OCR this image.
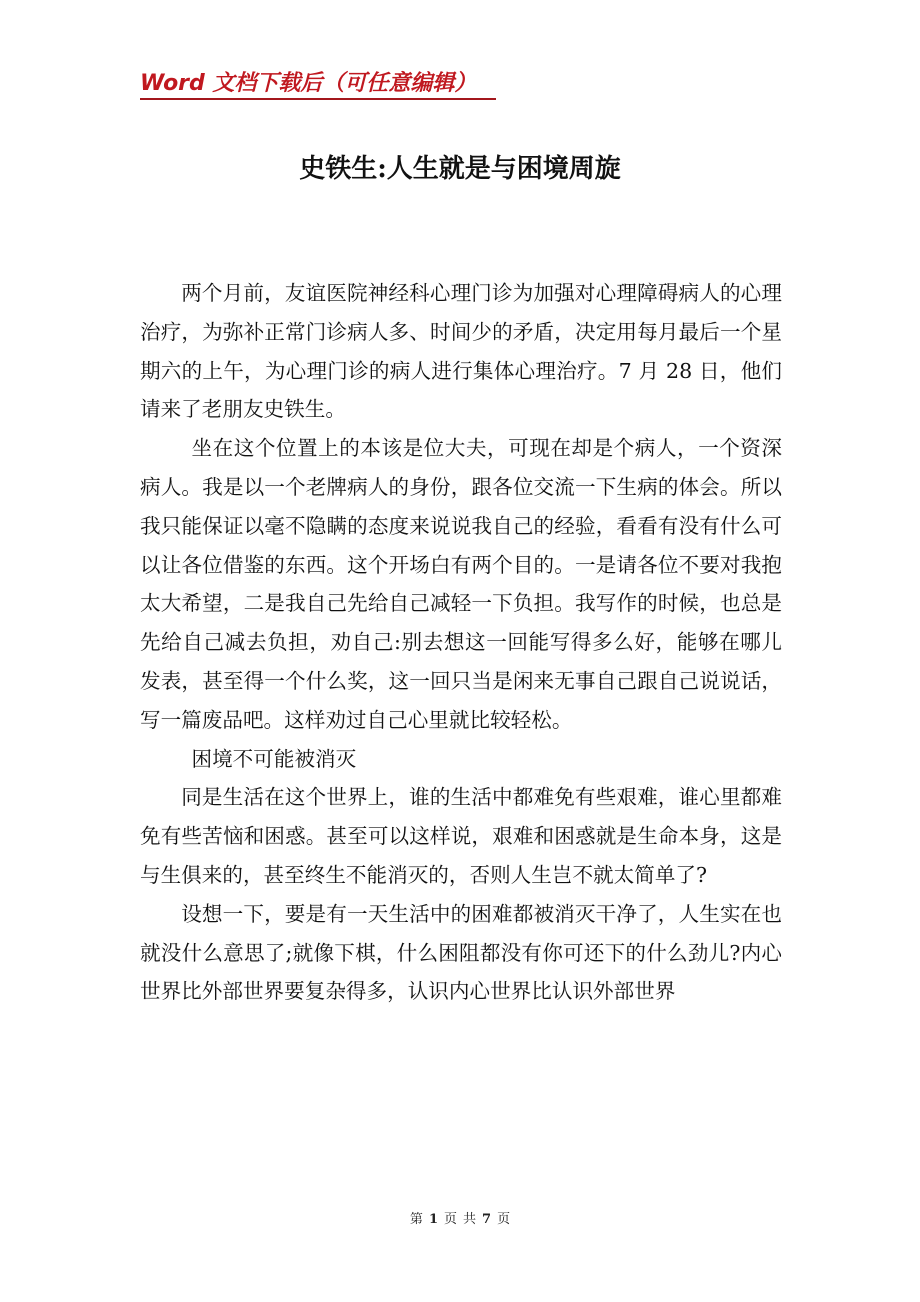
Word 文档下载后（可任意编辑）
史铁生:人生就是与困境周旋

两个月前，友谊医院神经科心理门诊为加强对心理障碍病人的心理治疗，为弥补正常门诊病人多、时间少的矛盾，决定用每月最后一个星期六的上午，为心理门诊的病人进行集体心理治疗。7 月 28 日，他们请来了老朋友史铁生。

坐在这个位置上的本该是位大夫，可现在却是个病人，一个资深病人。我是以一个老牌病人的身份，跟各位交流一下生病的体会。所以我只能保证以毫不隐瞒的态度来说说我自己的经验，看看有没有什么可以让各位借鉴的东西。这个开场白有两个目的。一是请各位不要对我抱太大希望，二是我自己先给自己减轻一下负担。我写作的时候，也总是先给自己减去负担，劝自己:别去想这一回能写得多么好，能够在哪儿发表，甚至得一个什么奖，这一回只当是闲来无事自己跟自己说说话，写一篇废品吧。这样劝过自己心里就比较轻松。

困境不可能被消灭

同是生活在这个世界上，谁的生活中都难免有些艰难，谁心里都难免有些苦恼和困惑。甚至可以这样说，艰难和困惑就是生命本身，这是与生俱来的，甚至终生不能消灭的，否则人生岂不就太简单了?

设想一下，要是有一天生活中的困难都被消灭干净了，人生实在也就没什么意思了;就像下棋，什么困阻都没有你可还下的什么劲儿?内心世界比外部世界要复杂得多，认识内心世界比认识外部世界

第 1 页 共 7 页
